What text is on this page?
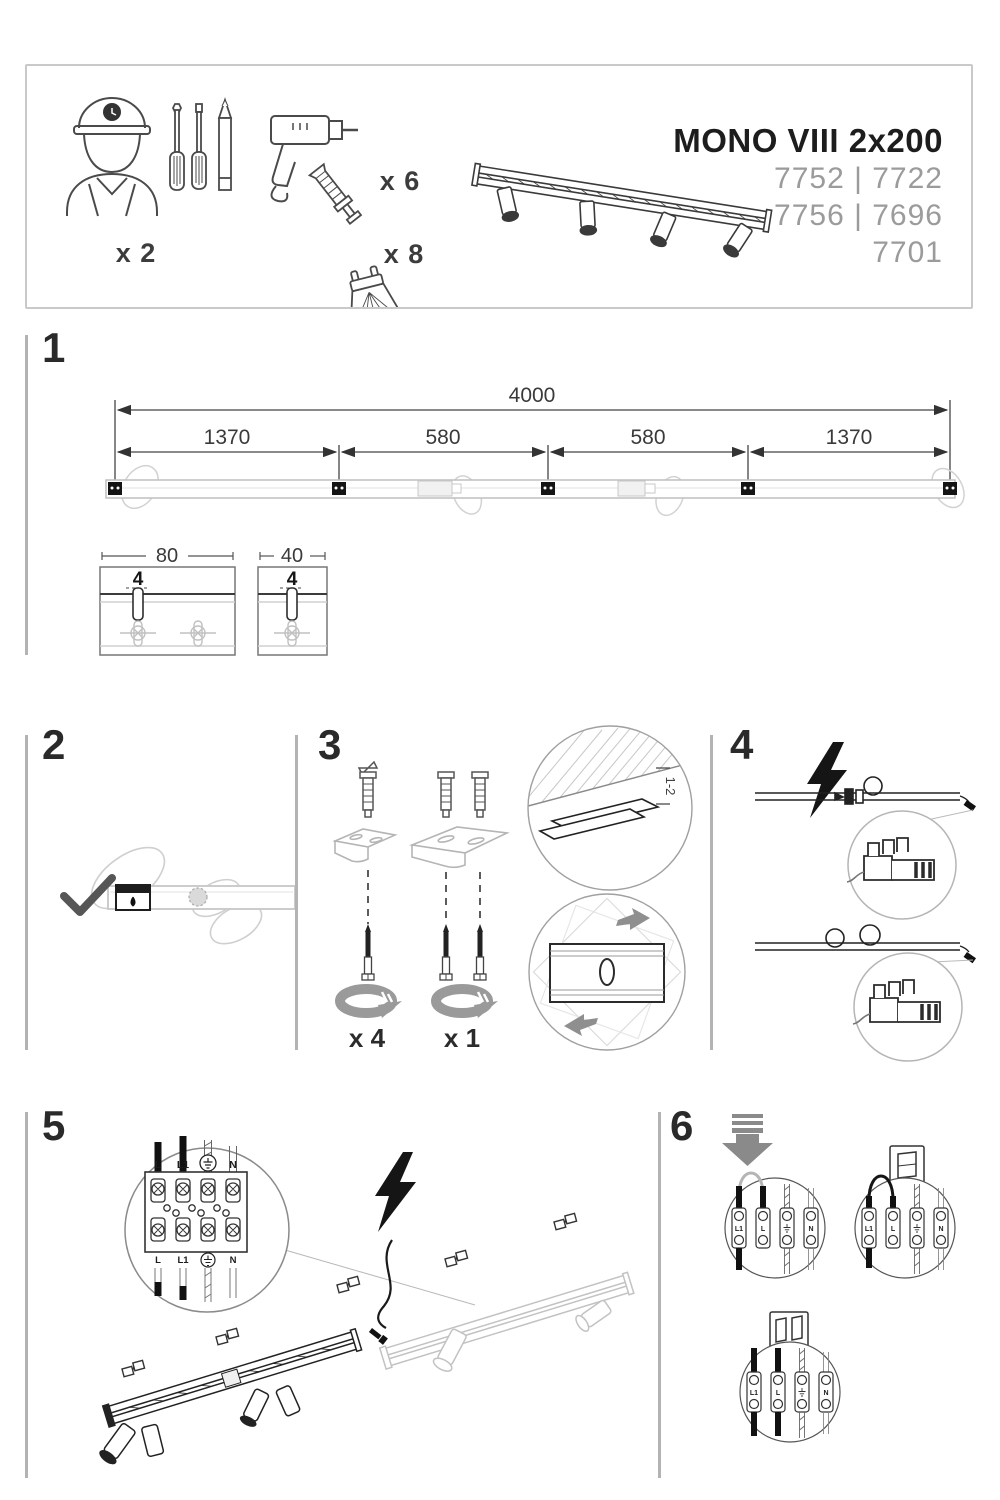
x 2
x 6
x 8
MONO VIII 2x200
7752 | 7722
7756 | 7696
7701
1
4000
1370	580	580	1370
80
4
40
4
2	3
x 4 x 1
1-2
4
5
L L1	N
L L1	N
6
L1	L	N	L1	L	N
L1	L	N
